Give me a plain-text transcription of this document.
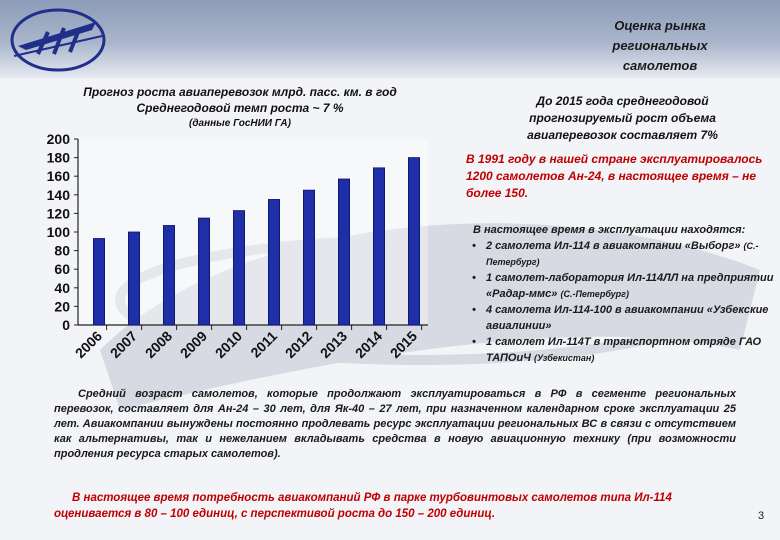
Оценка рынка
региональных
самолетов
Прогноз роста авиаперевозок млрд. пасс. км. в год
Среднегодовой темп роста ~ 7 %
(данные ГосНИИ ГА)
0
20
40
60
80
100
120
140
160
180
200
2006 2007 2008 2009 2010 2011 2012 2013 2014 2015
До 2015 года среднегодовой прогнозируемый рост объема авиаперевозок составляет 7%
В 1991 году в нашей стране эксплуатировалось 1200 самолетов Ан-24, в настоящее время – не более 150.
В настоящее время в эксплуатации находятся:
• 2 самолета Ил-114 в авиакомпании «Выборг» (С.-Петербург)
• 1 самолет-лаборатория Ил-114ЛЛ на предприятии «Радар-ммс» (С.-Петербург)
• 4 самолета Ил-114-100 в авиакомпании «Узбекские авиалинии»
• 1 самолет Ил-114Т в транспортном отряде ГАО ТАПОиЧ (Узбекистан)
Средний возраст самолетов, которые продолжают эксплуатироваться в РФ в сегменте региональных перевозок, составляет для Ан-24 – 30 лет, для Як-40 – 27 лет, при назначенном календарном сроке эксплуатации 25 лет. Авиакомпании вынуждены постоянно продлевать ресурс эксплуатации региональных ВС в связи с отсутствием как альтернативы, так и нежеланием вкладывать средства в новую авиационную технику (при возможности продления ресурса старых самолетов).
В настоящее время потребность авиакомпаний РФ в парке турбовинтовых самолетов типа Ил-114 оценивается в 80 – 100 единиц, с перспективой роста до 150 – 200 единиц.	3
